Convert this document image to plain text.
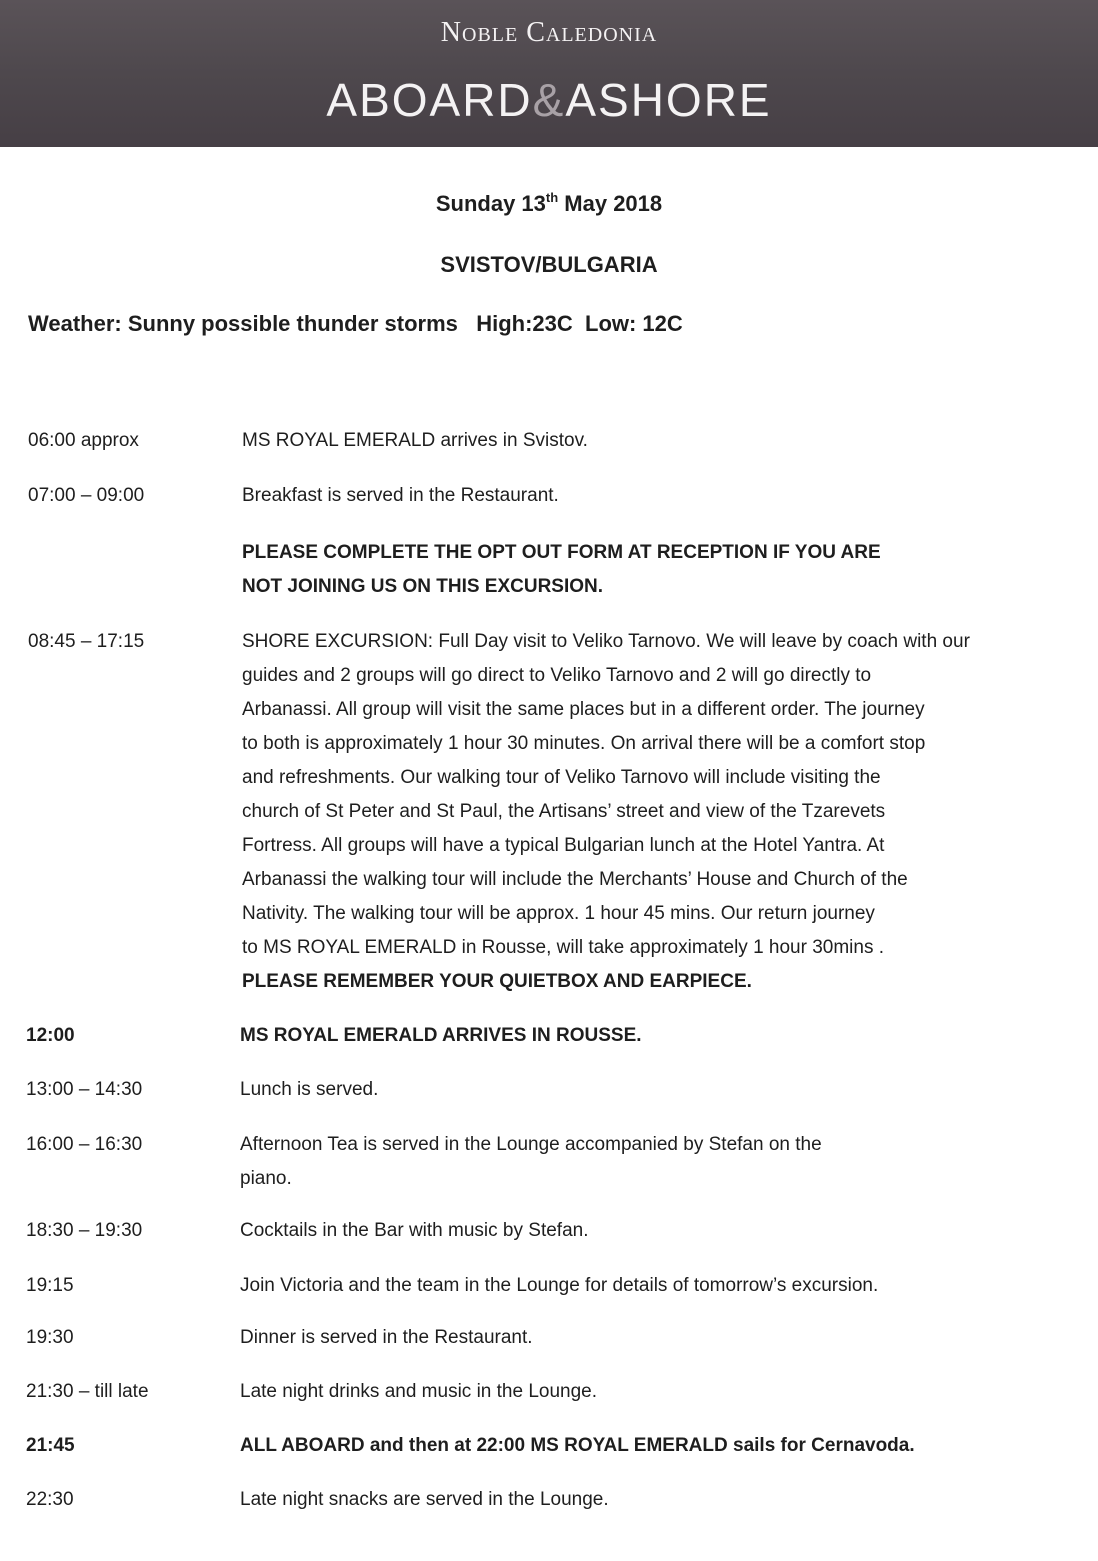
Noble Caledonia
ABOARD&ASHORE
Sunday 13th May 2018
SVISTOV/BULGARIA
Weather: Sunny possible thunder storms   High:23C  Low: 12C
06:00 approx	MS ROYAL EMERALD arrives in Svistov.
07:00 – 09:00	Breakfast is served in the Restaurant.
PLEASE COMPLETE THE OPT OUT FORM AT RECEPTION IF YOU ARE
NOT JOINING US ON THIS EXCURSION.
08:45 – 17:15	SHORE EXCURSION: Full Day visit to Veliko Tarnovo. We will leave by coach with our
guides and 2 groups will go direct to Veliko Tarnovo and 2 will go directly to
Arbanassi. All group will visit the same places but in a different order. The journey
to both is approximately 1 hour 30 minutes. On arrival there will be a comfort stop
and refreshments. Our walking tour of Veliko Tarnovo will include visiting the
church of St Peter and St Paul, the Artisans’ street and view of the Tzarevets
Fortress. All groups will have a typical Bulgarian lunch at the Hotel Yantra. At
Arbanassi the walking tour will include the Merchants’ House and Church of the
Nativity. The walking tour will be approx. 1 hour 45 mins. Our return journey
to MS ROYAL EMERALD in Rousse, will take approximately 1 hour 30mins .
PLEASE REMEMBER YOUR QUIETBOX AND EARPIECE.
12:00	MS ROYAL EMERALD ARRIVES IN ROUSSE.
13:00 – 14:30	Lunch is served.
16:00 – 16:30	Afternoon Tea is served in the Lounge accompanied by Stefan on the
piano.
18:30 – 19:30	Cocktails in the Bar with music by Stefan.
19:15	Join Victoria and the team in the Lounge for details of tomorrow’s excursion.
19:30	Dinner is served in the Restaurant.
21:30 – till late	Late night drinks and music in the Lounge.
21:45	ALL ABOARD and then at 22:00 MS ROYAL EMERALD sails for Cernavoda.
22:30	Late night snacks are served in the Lounge.
